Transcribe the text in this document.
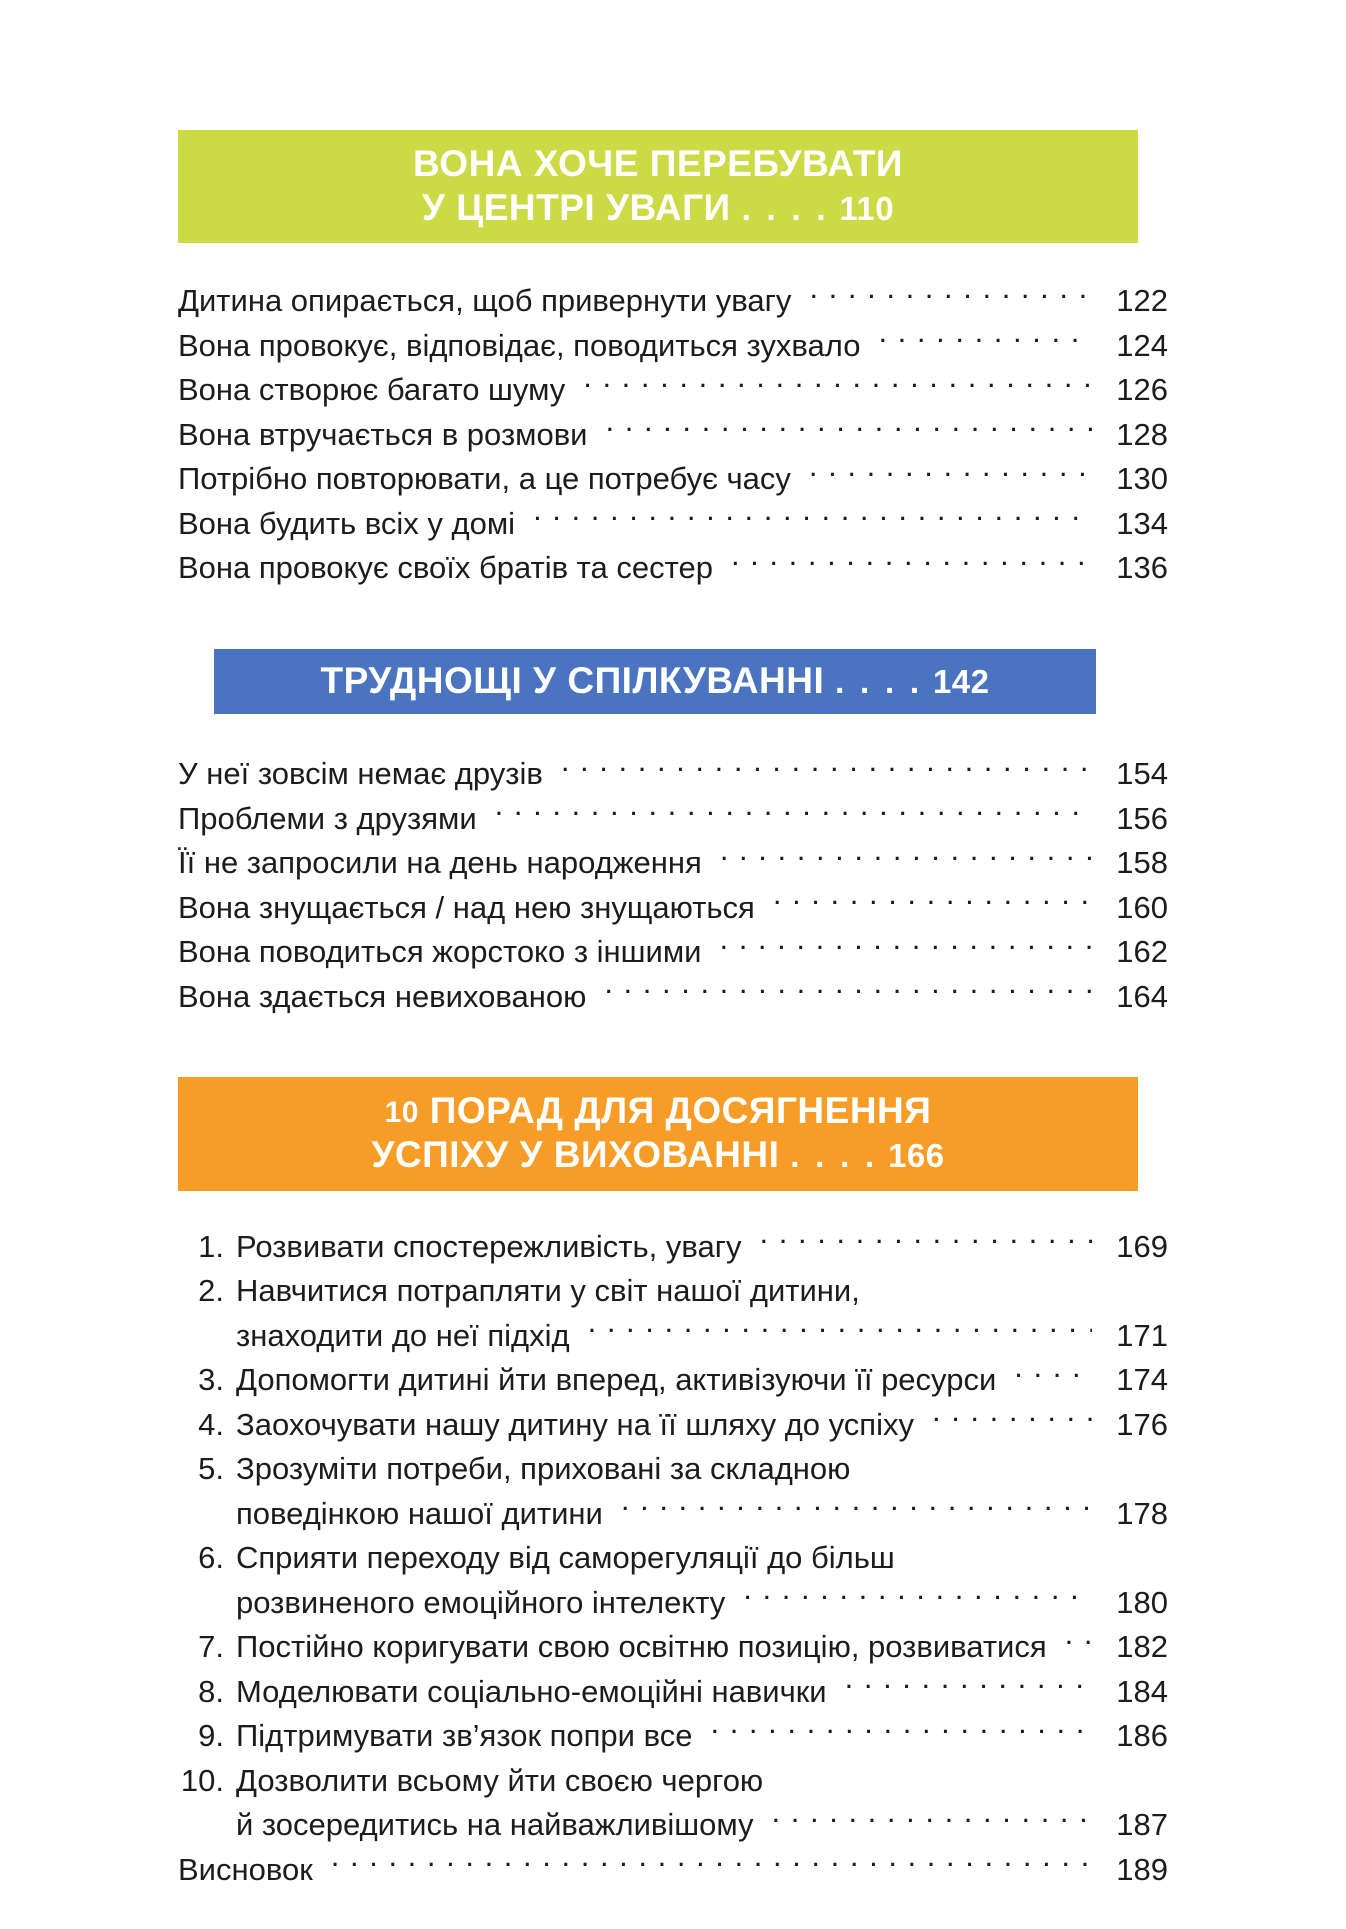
ВОНА ХОЧЕ ПЕРЕБУВАТИ
У ЦЕНТРІ УВАГИ . . . . 110
Дитина опирається, щоб привернути увагу . . .	122
Вона провокує, відповідає, поводиться зухвало . . .	124
Вона створює багато шуму . . .	126
Вона втручається в розмови . . .	128
Потрібно повторювати, а це потребує часу . . .	130
Вона будить всіх у домі . . .	134
Вона провокує своїх братів та сестер . . .	136
ТРУДНОЩІ У СПІЛКУВАННІ . . . . 142
У неї зовсім немає друзів . . .	154
Проблеми з друзями . . .	156
Її не запросили на день народження . . .	158
Вона знущається / над нею знущаються . . .	160
Вона поводиться жорстоко з іншими . . .	162
Вона здається невихованою . . .	164
10 ПОРАД ДЛЯ ДОСЯГНЕННЯ
УСПІХУ У ВИХОВАННІ . . . . 166
1. Розвивати спостережливість, увагу . . .	169
2. Навчитися потрапляти у світ нашої дитини,
знаходити до неї підхід . . .	171
3. Допомогти дитині йти вперед, активізуючи її ресурси . . .	174
4. Заохочувати нашу дитину на її шляху до успіху . . .	176
5. Зрозуміти потреби, приховані за складною
поведінкою нашої дитини . . .	178
6. Сприяти переходу від саморегуляції до більш
розвиненого емоційного інтелекту . . .	180
7. Постійно коригувати свою освітню позицію, розвиватися . . .	182
8. Моделювати соціально-емоційні навички . . .	184
9. Підтримувати зв’язок попри все . . .	186
10. Дозволити всьому йти своєю чергою
й зосередитись на найважливішому . . .	187
Висновок . . .	189
